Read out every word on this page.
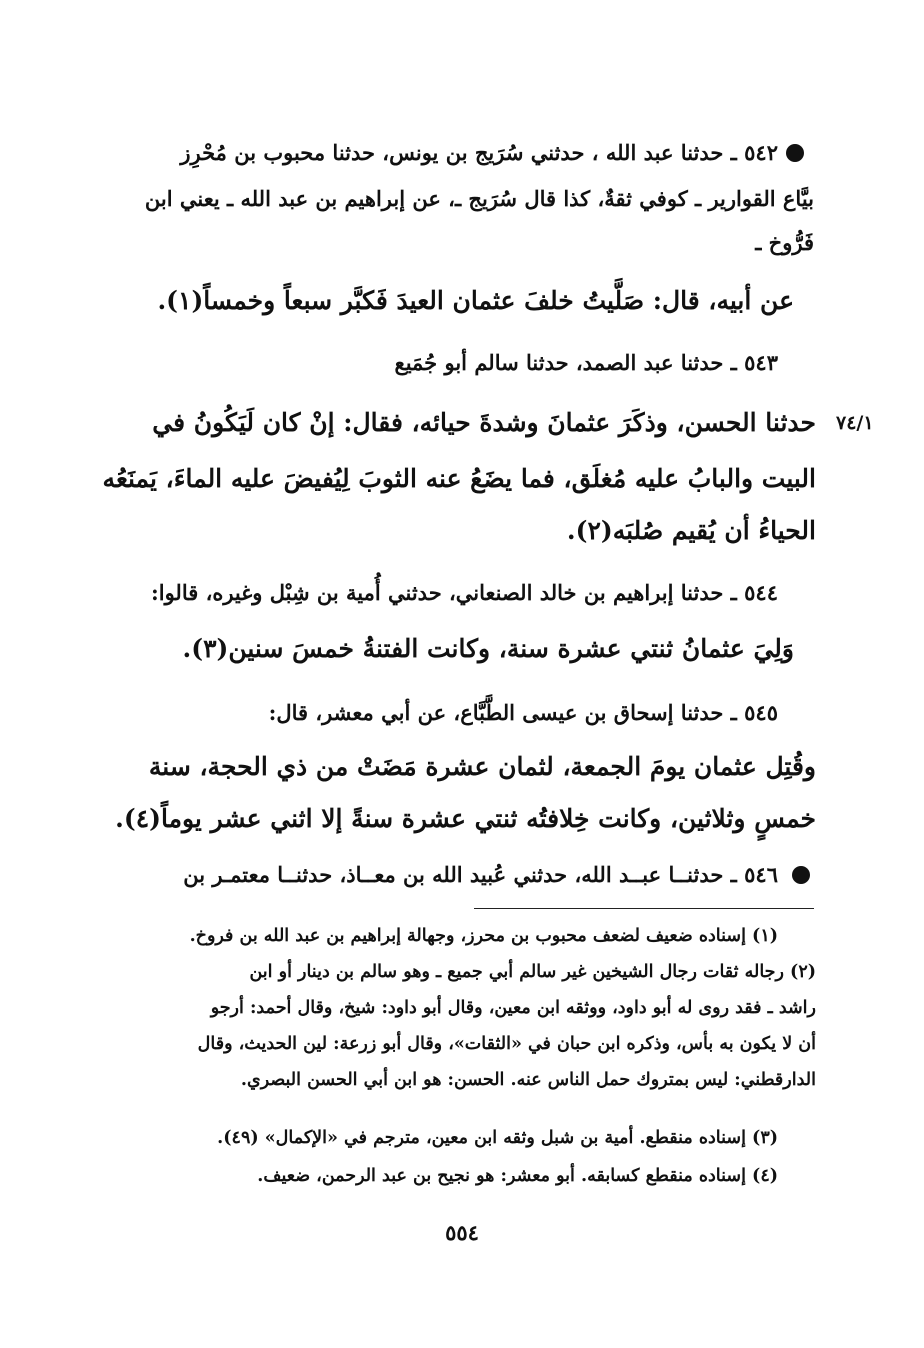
٥٤٢ ـ حدثنا عبد الله ، حدثني سُرَيج بن يونس، حدثنا محبوب بن مُحْرِز
بيَّاع القوارير ـ كوفي ثقةٌ، كذا قال سُرَيج ـ، عن إبراهيم بن عبد الله ـ يعني ابن
فَرُّوخ ـ
عن أبيه، قال: صَلَّيتُ خلفَ عثمان العيدَ فَكبَّر سبعاً وخمساً(١).
٥٤٣ ـ حدثنا عبد الصمد، حدثنا سالم أبو جُمَيع
٧٤/١
حدثنا الحسن، وذكَرَ عثمانَ وشدةَ حيائه، فقال: إنْ كان لَيَكُونُ في
البيت والبابُ عليه مُغلَق، فما يضَعُ عنه الثوبَ لِيُفيضَ عليه الماءَ، يَمنَعُه
الحياءُ أن يُقيم صُلبَه(٢).
٥٤٤ ـ حدثنا إبراهيم بن خالد الصنعاني، حدثني أُمية بن شِبْل وغيره، قالوا:
وَلِيَ عثمانُ ثنتي عشرة سنة، وكانت الفتنةُ خمسَ سنين(٣).
٥٤٥ ـ حدثنا إسحاق بن عيسى الطَّبَّاع، عن أبي معشر، قال:
وقُتِل عثمان يومَ الجمعة، لثمان عشرة مَضَتْ من ذي الحجة، سنة
خمسٍ وثلاثين، وكانت خِلافتُه ثنتي عشرة سنةً إلا اثني عشر يوماً(٤).
٥٤٦ ـ حدثنــا عبــد الله، حدثني عُبيد الله بن معــاذ، حدثنــا معتمـر بن
(١) إسناده ضعيف لضعف محبوب بن محرز، وجهالة إبراهيم بن عبد الله بن فروخ.
(٢) رجاله ثقات رجال الشيخين غير سالم أبي جميع ـ وهو سالم بن دينار أو ابن
راشد ـ فقد روى له أبو داود، ووثقه ابن معين، وقال أبو داود: شيخ، وقال أحمد: أرجو
أن لا يكون به بأس، وذكره ابن حبان في «الثقات»، وقال أبو زرعة: لين الحديث، وقال
الدارقطني: ليس بمتروك حمل الناس عنه. الحسن: هو ابن أبي الحسن البصري.
(٣) إسناده منقطع. أمية بن شبل وثقه ابن معين، مترجم في «الإكمال» (٤٩).
(٤) إسناده منقطع كسابقه. أبو معشر: هو نجيح بن عبد الرحمن، ضعيف.
٥٥٤
